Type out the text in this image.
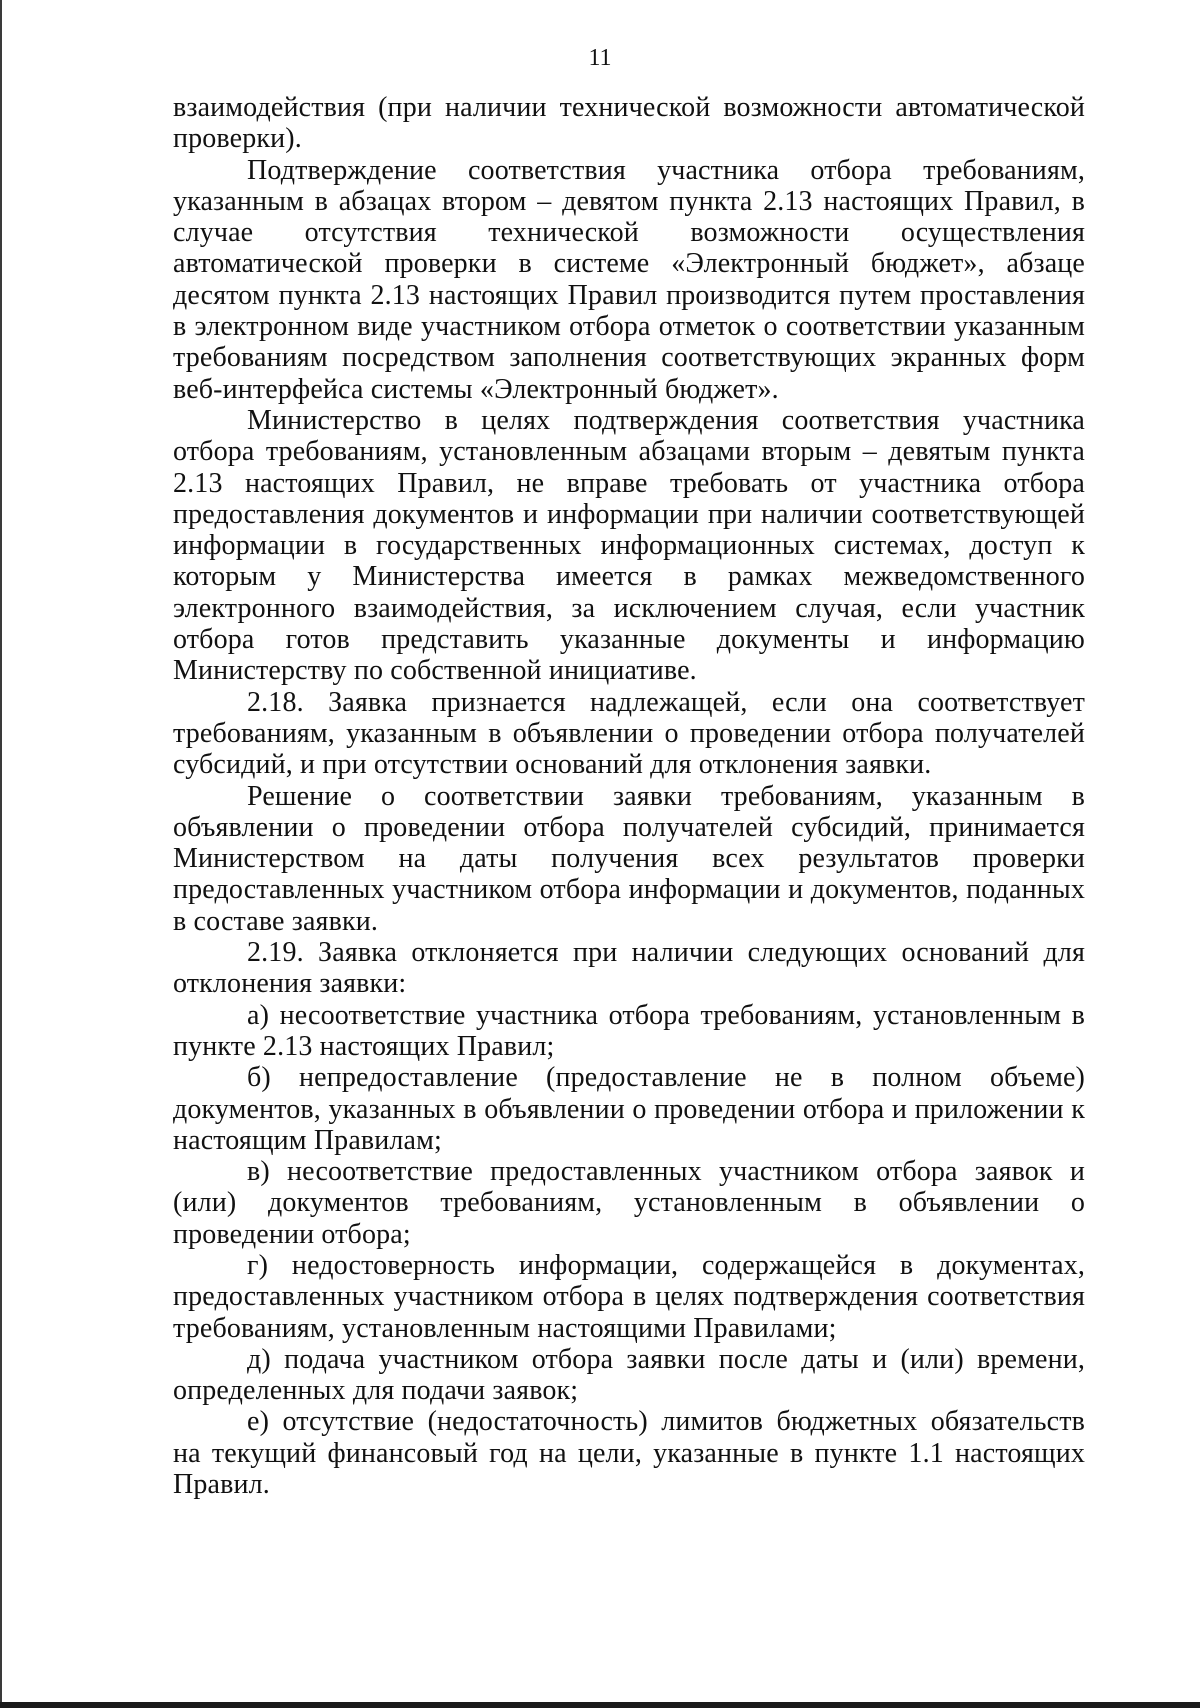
11

взаимодействия (при наличии технической возможности автоматической проверки).

Подтверждение соответствия участника отбора требованиям, указанным в абзацах втором – девятом пункта 2.13 настоящих Правил, в случае отсутствия технической возможности осуществления автоматической проверки в системе «Электронный бюджет», абзаце десятом пункта 2.13 настоящих Правил производится путем проставления в электронном виде участником отбора отметок о соответствии указанным требованиям посредством заполнения соответствующих экранных форм веб-интерфейса системы «Электронный бюджет».

Министерство в целях подтверждения соответствия участника отбора требованиям, установленным абзацами вторым – девятым пункта 2.13 настоящих Правил, не вправе требовать от участника отбора предоставления документов и информации при наличии соответствующей информации в государственных информационных системах, доступ к которым у Министерства имеется в рамках межведомственного электронного взаимодействия, за исключением случая, если участник отбора готов представить указанные документы и информацию Министерству по собственной инициативе.

2.18. Заявка признается надлежащей, если она соответствует требованиям, указанным в объявлении о проведении отбора получателей субсидий, и при отсутствии оснований для отклонения заявки.

Решение о соответствии заявки требованиям, указанным в объявлении о проведении отбора получателей субсидий, принимается Министерством на даты получения всех результатов проверки предоставленных участником отбора информации и документов, поданных в составе заявки.

2.19. Заявка отклоняется при наличии следующих оснований для отклонения заявки:

а) несоответствие участника отбора требованиям, установленным в пункте 2.13 настоящих Правил;

б) непредоставление (предоставление не в полном объеме) документов, указанных в объявлении о проведении отбора и приложении к настоящим Правилам;

в) несоответствие предоставленных участником отбора заявок и (или) документов требованиям, установленным в объявлении о проведении отбора;

г) недостоверность информации, содержащейся в документах, предоставленных участником отбора в целях подтверждения соответствия требованиям, установленным настоящими Правилами;

д) подача участником отбора заявки после даты и (или) времени, определенных для подачи заявок;

е) отсутствие (недостаточность) лимитов бюджетных обязательств на текущий финансовый год на цели, указанные в пункте 1.1 настоящих Правил.
